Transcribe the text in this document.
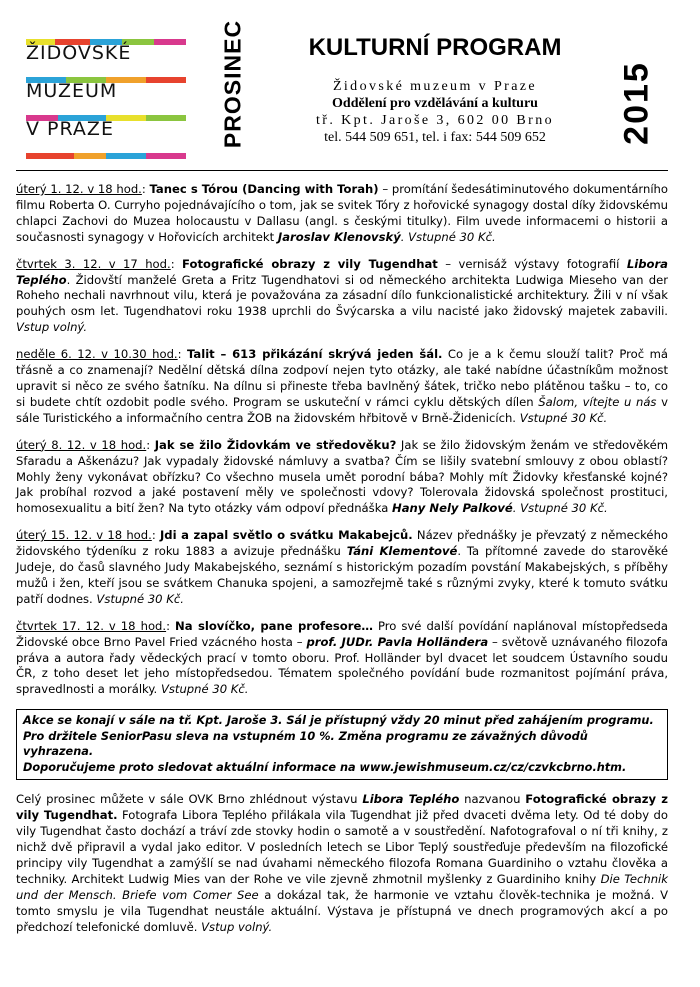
ŽIDOVSKÉ
MUZEUM
V PRAZE	PROSINEC	KULTURNÍ PROGRAM
Židovské muzeum v Praze
Oddělení pro vzdělávání a kulturu
tř. Kpt. Jaroše 3, 602 00 Brno
tel. 544 509 651, tel. i fax: 544 509 652	2015

úterý 1. 12. v 18 hod.: Tanec s Tórou (Dancing with Torah) – promítání šedesátiminutového dokumentárního filmu Roberta O. Curryho pojednávajícího o tom, jak se svitek Tóry z hořovické synagogy dostal díky židovskému chlapci Zachovi do Muzea holocaustu v Dallasu (angl. s českými titulky). Film uvede informacemi o historii a současnosti synagogy v Hořovicích architekt Jaroslav Klenovský. Vstupné 30 Kč.

čtvrtek 3. 12. v 17 hod.: Fotografické obrazy z vily Tugendhat – vernisáž výstavy fotografií Libora Teplého. Židovští manželé Greta a Fritz Tugendhatovi si od německého architekta Ludwiga Mieseho van der Roheho nechali navrhnout vilu, která je považována za zásadní dílo funkcionalistické architektury. Žili v ní však pouhých osm let. Tugendhatovi roku 1938 uprchli do Švýcarska a vilu nacisté jako židovský majetek zabavili. Vstup volný.

neděle 6. 12. v 10.30 hod.: Talit – 613 přikázání skrývá jeden šál. Co je a k čemu slouží talit? Proč má třásně a co znamenají? Nedělní dětská dílna zodpoví nejen tyto otázky, ale také nabídne účastníkům možnost upravit si něco ze svého šatníku. Na dílnu si přineste třeba bavlněný šátek, tričko nebo plátěnou tašku – to, co si budete chtít ozdobit podle svého. Program se uskuteční v rámci cyklu dětských dílen Šalom, vítejte u nás v sále Turistického a informačního centra ŽOB na židovském hřbitově v Brně-Židenicích. Vstupné 30 Kč.

úterý 8. 12. v 18 hod.: Jak se žilo Židovkám ve středověku? Jak se žilo židovským ženám ve středověkém Sfaradu a Aškenázu? Jak vypadaly židovské námluvy a svatba? Čím se lišily svatební smlouvy z obou oblastí? Mohly ženy vykonávat obřízku? Co všechno musela umět porodní bába? Mohly mít Židovky křesťanské kojné? Jak probíhal rozvod a jaké postavení měly ve společnosti vdovy? Tolerovala židovská společnost prostituci, homosexualitu a bití žen? Na tyto otázky vám odpoví přednáška Hany Nely Palkové. Vstupné 30 Kč.

úterý 15. 12. v 18 hod.: Jdi a zapal světlo o svátku Makabejců. Název přednášky je převzatý z německého židovského týdeníku z roku 1883 a avizuje přednášku Táni Klementové. Ta přítomné zavede do starověké Judeje, do časů slavného Judy Makabejského, seznámí s historickým pozadím povstání Makabejských, s příběhy mužů i žen, kteří jsou se svátkem Chanuka spojeni, a samozřejmě také s různými zvyky, které k tomuto svátku patří dodnes. Vstupné 30 Kč.

čtvrtek 17. 12. v 18 hod.: Na slovíčko, pane profesore… Pro své další povídání naplánoval místopředseda Židovské obce Brno Pavel Fried vzácného hosta – prof. JUDr. Pavla Holländera – světově uznávaného filozofa práva a autora řady vědeckých prací v tomto oboru. Prof. Holländer byl dvacet let soudcem Ústavního soudu ČR, z toho deset let jeho místopředsedou. Tématem společného povídání bude rozmanitost pojímání práva, spravedlnosti a morálky. Vstupné 30 Kč.

Akce se konají v sále na tř. Kpt. Jaroše 3. Sál je přístupný vždy 20 minut před zahájením programu.
Pro držitele SeniorPasu sleva na vstupném 10 %. Změna programu ze závažných důvodů vyhrazena.
Doporučujeme proto sledovat aktuální informace na www.jewishmuseum.cz/cz/czvkcbrno.htm.

Celý prosinec můžete v sále OVK Brno zhlédnout výstavu Libora Teplého nazvanou Fotografické obrazy z vily Tugendhat. Fotografa Libora Teplého přilákala vila Tugendhat již před dvaceti dvěma lety. Od té doby do vily Tugendhat často dochází a tráví zde stovky hodin o samotě a v soustředění. Nafotografoval o ní tři knihy, z nichž dvě připravil a vydal jako editor. V posledních letech se Libor Teplý soustřeďuje především na filozofické principy vily Tugendhat a zamýšlí se nad úvahami německého filozofa Romana Guardiniho o vztahu člověka a techniky. Architekt Ludwig Mies van der Rohe ve vile zjevně zhmotnil myšlenky z Guardiniho knihy Die Technik und der Mensch. Briefe vom Comer See a dokázal tak, že harmonie ve vztahu člověk-technika je možná. V tomto smyslu je vila Tugendhat neustále aktuální. Výstava je přístupná ve dnech programových akcí a po předchozí telefonické domluvě. Vstup volný.
